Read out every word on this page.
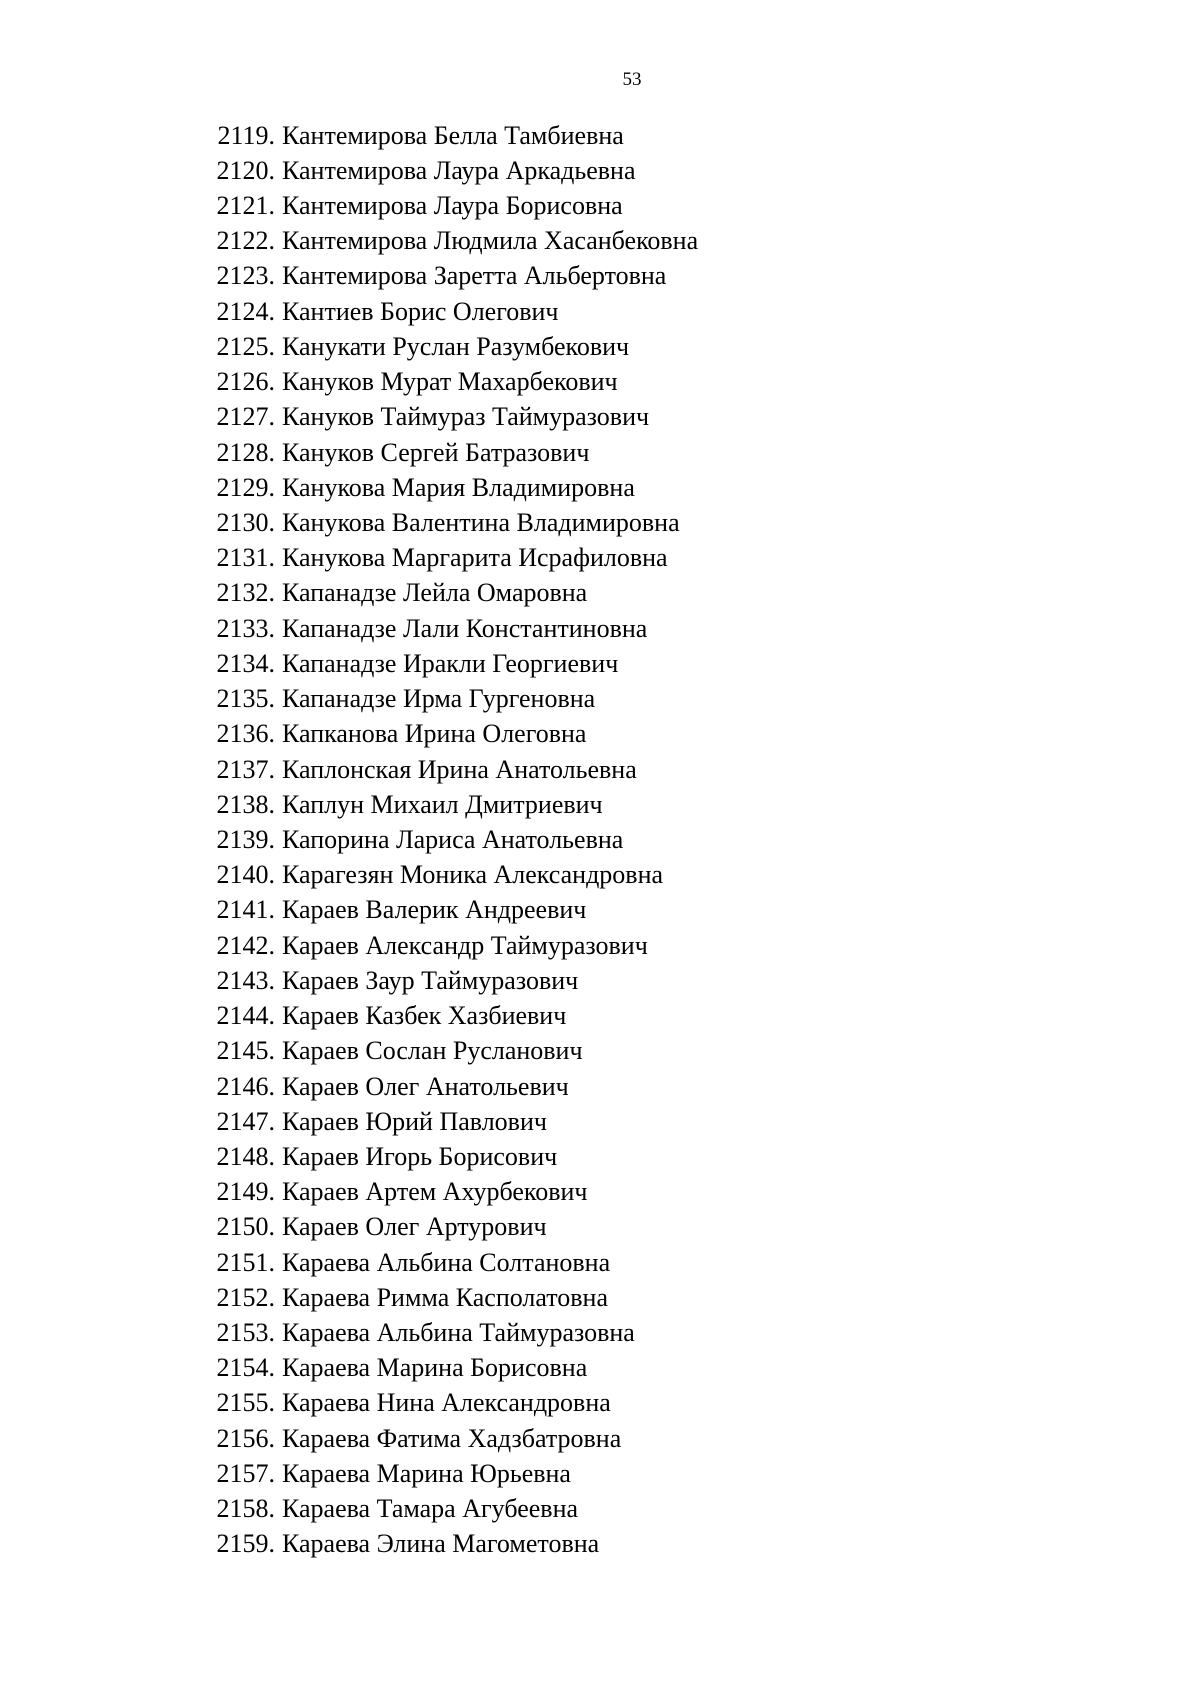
53
2119. Кантемирова Белла Тамбиевна
2120. Кантемирова Лаура Аркадьевна
2121. Кантемирова Лаура Борисовна
2122. Кантемирова Людмила Хасанбековна
2123. Кантемирова Заретта Альбертовна
2124. Кантиев Борис Олегович
2125. Канукати Руслан Разумбекович
2126. Кануков Мурат Махарбекович
2127. Кануков Таймураз Таймуразович
2128. Кануков Сергей Батразович
2129. Канукова Мария Владимировна
2130. Канукова Валентина Владимировна
2131. Канукова Маргарита Исрафиловна
2132. Капанадзе Лейла Омаровна
2133. Капанадзе Лали Константиновна
2134. Капанадзе Иракли Георгиевич
2135. Капанадзе Ирма Гургеновна
2136. Капканова Ирина Олеговна
2137. Каплонская Ирина Анатольевна
2138. Каплун Михаил Дмитриевич
2139. Капорина Лариса Анатольевна
2140. Карагезян Моника Александровна
2141. Караев Валерик Андреевич
2142. Караев Александр Таймуразович
2143. Караев Заур Таймуразович
2144. Караев Казбек Хазбиевич
2145. Караев Сослан Русланович
2146. Караев Олег Анатольевич
2147. Караев Юрий Павлович
2148. Караев Игорь Борисович
2149. Караев Артем Ахурбекович
2150. Караев Олег Артурович
2151. Караева Альбина Солтановна
2152. Караева Римма Касполатовна
2153. Караева Альбина Таймуразовна
2154. Караева Марина Борисовна
2155. Караева Нина Александровна
2156. Караева Фатима Хадзбатровна
2157. Караева Марина Юрьевна
2158. Караева Тамара Агубеевна
2159. Караева Элина Магометовна
